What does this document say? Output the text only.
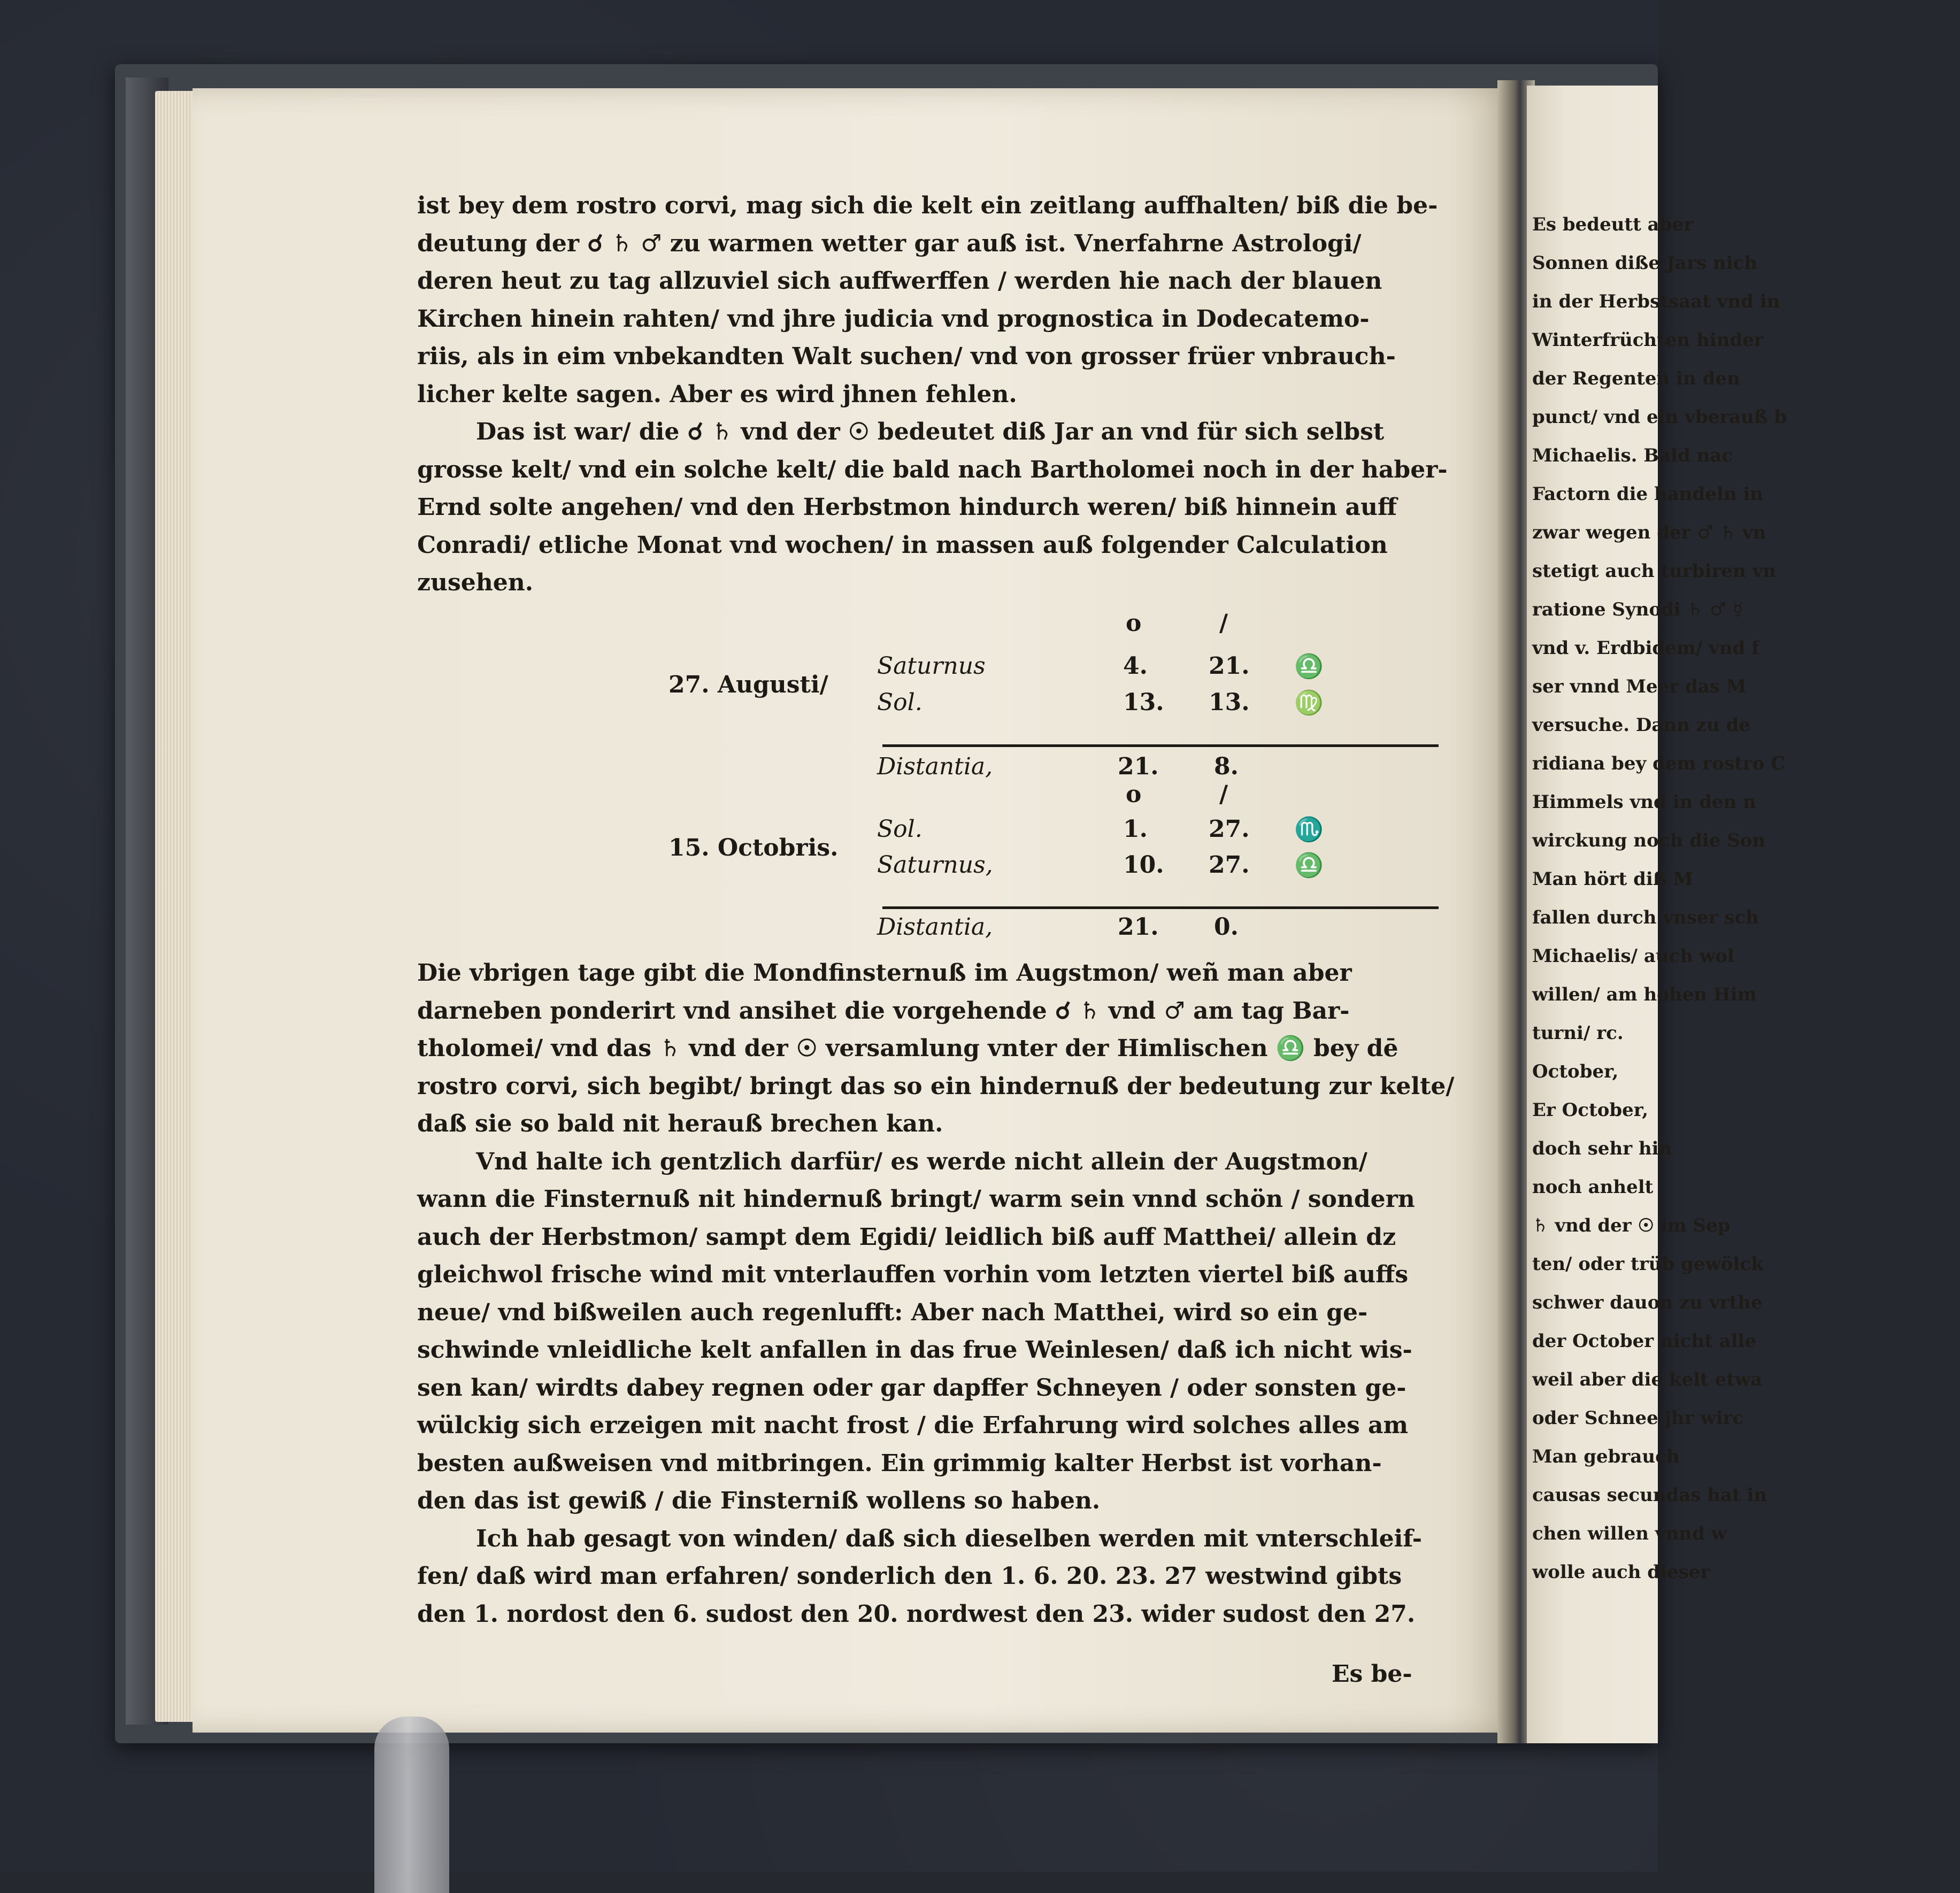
Es bedeutt aber
Sonnen diße Jars nich
in der Herbstsaat vnd in
Winterfrüchten hinder
der Regenten in den
punct/ vnd ein vberauß b
Michaelis. Bald nac
Factorn die handeln in
zwar wegen der ♂ ♄ vn
stetigt auch turbiren vn
ratione Synodi ♄ ♂ ☿
vnd v. Erdbidem/ vnd f
ser vnnd Meer das M
versuche. Dann zu de
ridiana bey dem rostro C
Himmels vnd in den n
wirckung noch die Son
Man hört diß M
fallen durch vnser sch
Michaelis/ auch wol
willen/ am hohen Him
turni/ rc.
October,
Er October,
doch sehr hin
noch anhelt
♄ vnd der ☉ im Sep
ten/ oder trüb gewölck
schwer dauon zu vrthe
der October nicht alle
weil aber die kelt etwa
oder Schnee jhr wirc
Man gebrauch
causas secundas hat in
chen willen vnnd w
wolle auch dieser
ist bey dem rostro corvi, mag sich die kelt ein zeitlang auffhalten/ biß die be-
deutung der ☌ ♄ ♂ zu warmen wetter gar auß ist. Vnerfahrne Astrologi/
deren heut zu tag allzuviel sich auffwerffen / werden hie nach der blauen
Kirchen hinein rahten/ vnd jhre judicia vnd prognostica in Dodecatemo-
riis, als in eim vnbekandten Walt suchen/ vnd von grosser früer vnbrauch-
licher kelte sagen. Aber es wird jhnen fehlen.
Das ist war/ die ☌ ♄ vnd der ☉ bedeutet diß Jar an vnd für sich selbst
grosse kelt/ vnd ein solche kelt/ die bald nach Bartholomei noch in der haber-
Ernd solte angehen/ vnd den Herbstmon hindurch weren/ biß hinnein auff
Conradi/ etliche Monat vnd wochen/ in massen auß folgender Calculation
zusehen.
o	/
27. Augusti/
Saturnus	4.	21. ♎
Sol.	13. 13. ♍
Distantia,	21. 8.
o	/
15. Octobris.
Sol.	1.	27. ♏
Saturnus,	10. 27. ♎
Distantia,	21. 0.
Die vbrigen tage gibt die Mondfinsternuß im Augstmon/ weñ man aber
darneben ponderirt vnd ansihet die vorgehende ☌ ♄ vnd ♂ am tag Bar-
tholomei/ vnd das ♄ vnd der ☉ versamlung vnter der Himlischen ♎ bey dē
rostro corvi, sich begibt/ bringt das so ein hindernuß der bedeutung zur kelte/
daß sie so bald nit herauß brechen kan.
Vnd halte ich gentzlich darfür/ es werde nicht allein der Augstmon/
wann die Finsternuß nit hindernuß bringt/ warm sein vnnd schön / sondern
auch der Herbstmon/ sampt dem Egidi/ leidlich biß auff Matthei/ allein dz
gleichwol frische wind mit vnterlauffen vorhin vom letzten viertel biß auffs
neue/ vnd bißweilen auch regenlufft: Aber nach Matthei, wird so ein ge-
schwinde vnleidliche kelt anfallen in das frue Weinlesen/ daß ich nicht wis-
sen kan/ wirdts dabey regnen oder gar dapffer Schneyen / oder sonsten ge-
wülckig sich erzeigen mit nacht frost / die Erfahrung wird solches alles am
besten außweisen vnd mitbringen. Ein grimmig kalter Herbst ist vorhan-
den das ist gewiß / die Finsterniß wollens so haben.
Ich hab gesagt von winden/ daß sich dieselben werden mit vnterschleif-
fen/ daß wird man erfahren/ sonderlich den 1. 6. 20. 23. 27 westwind gibts
den 1. nordost den 6. sudost den 20. nordwest den 23. wider sudost den 27.
Es be-
